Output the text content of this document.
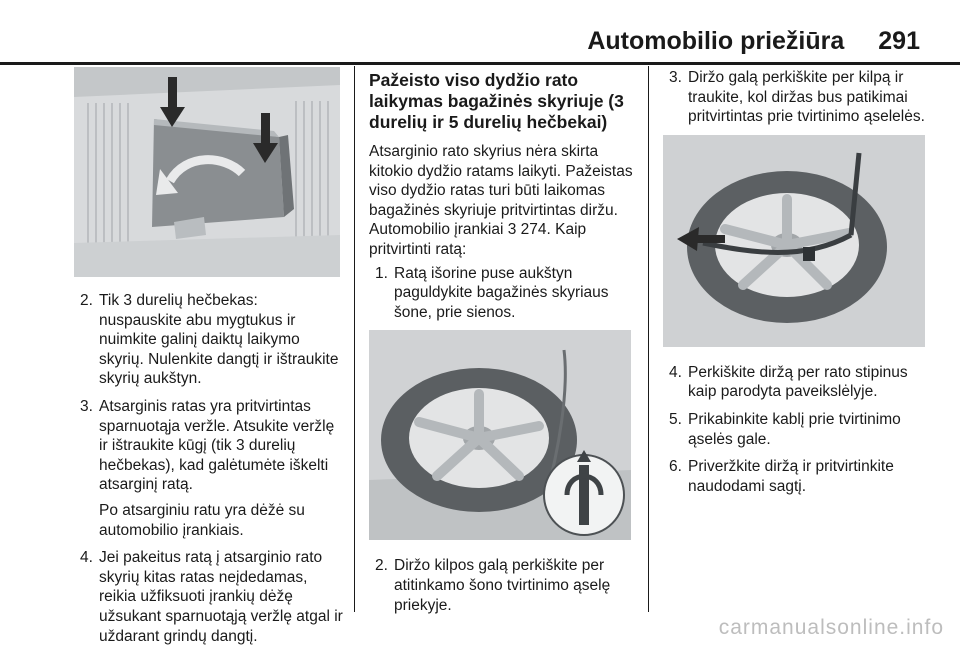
Automobilio priežiūra 291
2. Tik 3 durelių hečbekas: nuspauskite abu mygtukus ir nuimkite galinį daiktų laikymo skyrių. Nulenkite dangtį ir ištraukite skyrių aukštyn.
3. Atsarginis ratas yra pritvirtintas sparnuotąja veržle. Atsukite veržlę ir ištraukite kūgį (tik 3 durelių hečbekas), kad galėtumėte iškelti atsarginį ratą.

Po atsarginiu ratu yra dėžė su automobilio įrankiais.

4. Jei pakeitus ratą į atsarginio rato skyrių kitas ratas neįdedamas, reikia užfiksuoti įrankių dėžę užsukant sparnuotąją veržlę atgal ir uždarant grindų dangtį.
Pažeisto viso dydžio rato laikymas bagažinės skyriuje (3 durelių ir 5 durelių hečbekai)

Atsarginio rato skyrius nėra skirta kitokio dydžio ratams laikyti. Pažeistas viso dydžio ratas turi būti laikomas bagažinės skyriuje pritvirtintas diržu. Automobilio įrankiai 3 274. Kaip pritvirtinti ratą:

1. Ratą išorine puse aukštyn paguldykite bagažinės skyriaus šone, prie sienos.
2. Diržo kilpos galą perkiškite per atitinkamo šono tvirtinimo ąselę priekyje.
3. Diržo galą perkiškite per kilpą ir traukite, kol diržas bus patikimai pritvirtintas prie tvirtinimo ąselelės.
4. Perkiškite diržą per rato stipinus kaip parodyta paveikslėlyje.
5. Prikabinkite kablį prie tvirtinimo ąselės gale.
6. Priveržkite diržą ir pritvirtinkite naudodami sagtį.
carmanualsonline.info
